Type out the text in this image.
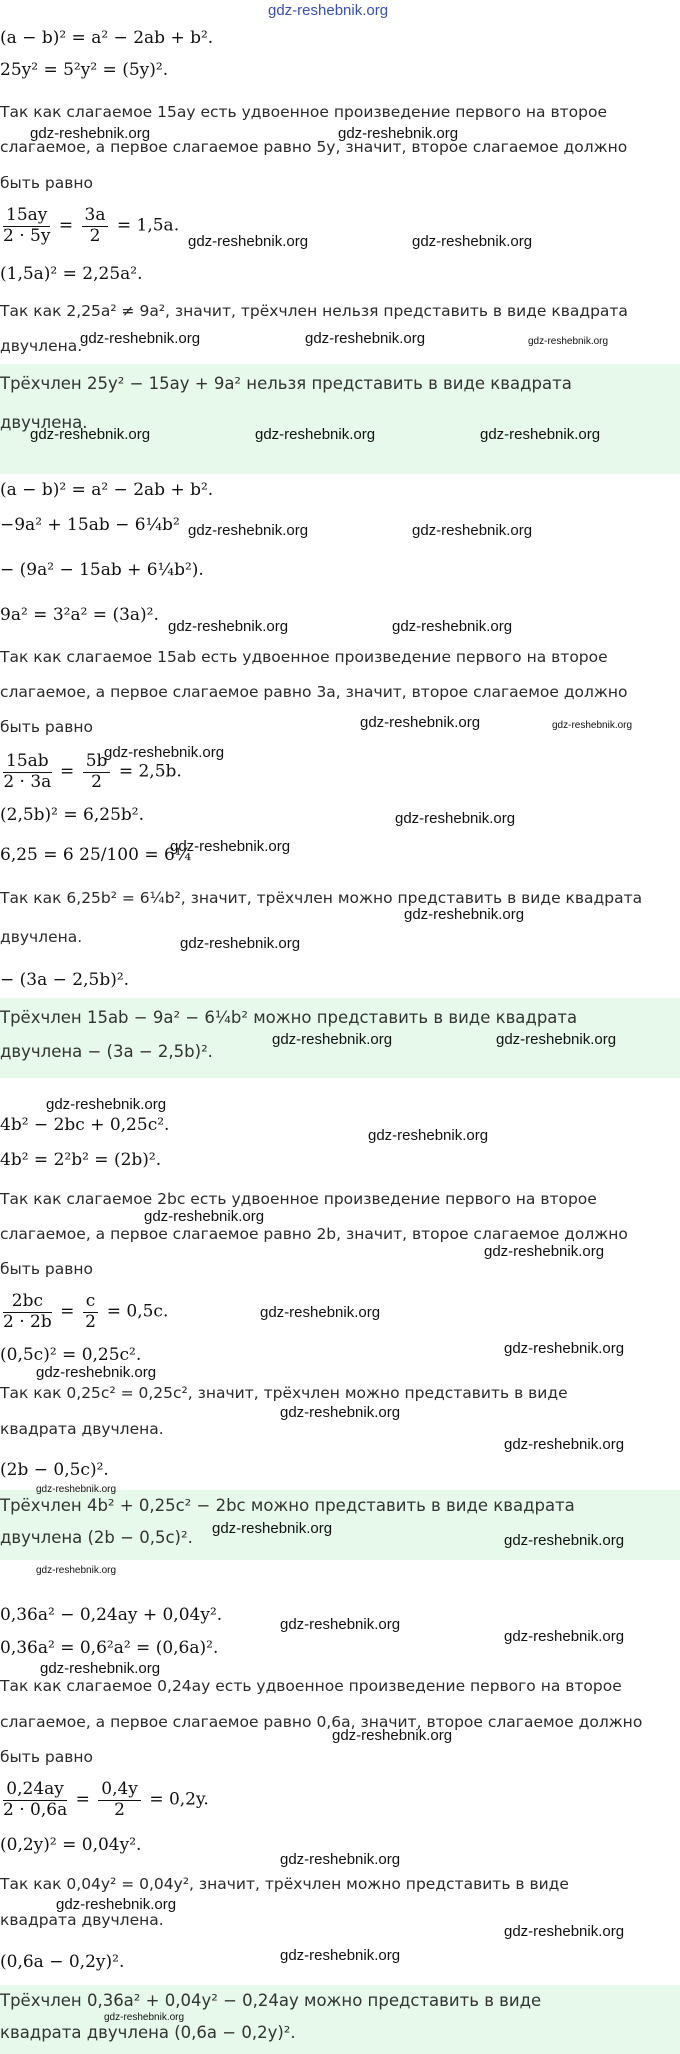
(a − b)² = a² − 2ab + b².
25y² = 5²y² = (5y)².
Так как слагаемое 15ay есть удвоенное произведение первого на второе
слагаемое, а первое слагаемое равно 5y, значит, второе слагаемое должно
быть равно
$\frac{15ay}{2 \cdot 5y} = \frac{3a}{2} = 1,5a$.
(1,5a)² = 2,25a².
Так как 2,25a² ≠ 9a², значит, трёхчлен нельзя представить в виде квадрата
двучлена.
Трёхчлен 25y² − 15ay + 9a² нельзя представить в виде квадрата
двучлена.
(a − b)² = a² − 2ab + b².
−9a² + 15ab − 6¼b²
− (9a² − 15ab + 6¼b²).
9a² = 3²a² = (3a)².
Так как слагаемое 15ab есть удвоенное произведение первого на второе
слагаемое, а первое слагаемое равно 3a, значит, второе слагаемое должно
быть равно
$\frac{15ab}{2 \cdot 3a} = \frac{5b}{2} = 2,5b$.
(2,5b)² = 6,25b².
6,25 = 6 25/100 = 6¼
Так как 6,25b² = 6¼b², значит, трёхчлен можно представить в виде квадрата
двучлена.
− (3a − 2,5b)².
Трёхчлен 15ab − 9a² − 6¼b² можно представить в виде квадрата
двучлена − (3a − 2,5b)².
4b² − 2bc + 0,25c².
4b² = 2²b² = (2b)².
Так как слагаемое 2bc есть удвоенное произведение первого на второе
слагаемое, а первое слагаемое равно 2b, значит, второе слагаемое должно
быть равно
$\frac{2bc}{2 \cdot 2b} = \frac{c}{2} = 0,5c$.
(0,5c)² = 0,25c².
Так как 0,25c² = 0,25c², значит, трёхчлен можно представить в виде
квадрата двучлена.
(2b − 0,5c)².
Трёхчлен 4b² + 0,25c² − 2bc можно представить в виде квадрата
двучлена (2b − 0,5c)².
0,36a² − 0,24ay + 0,04y².
0,36a² = 0,6²a² = (0,6a)².
Так как слагаемое 0,24ay есть удвоенное произведение первого на второе
слагаемое, а первое слагаемое равно 0,6a, значит, второе слагаемое должно
быть равно
$\frac{0,24ay}{2 \cdot 0,6a} = \frac{0,4y}{2} = 0,2y$.
(0,2y)² = 0,04y².
Так как 0,04y² = 0,04y², значит, трёхчлен можно представить в виде
квадрата двучлена.
(0,6a − 0,2y)².
Трёхчлен 0,36a² + 0,04y² − 0,24ay можно представить в виде
квадрата двучлена (0,6a − 0,2y)².
gdz-reshebnik.org
gdz-reshebnik.org	gdz-reshebnik.org
gdz-reshebnik.org	gdz-reshebnik.org
gdz-reshebnik.org	gdz-reshebnik.org	gdz-reshebnik.org
gdz-reshebnik.org	gdz-reshebnik.org	gdz-reshebnik.org
gdz-reshebnik.org	gdz-reshebnik.org
gdz-reshebnik.org	gdz-reshebnik.org
gdz-reshebnik.org	gdz-reshebnik.org
gdz-reshebnik.org
gdz-reshebnik.org
gdz-reshebnik.org
gdz-reshebnik.org
gdz-reshebnik.org
gdz-reshebnik.org	gdz-reshebnik.org
gdz-reshebnik.org
gdz-reshebnik.org
gdz-reshebnik.org
gdz-reshebnik.org
gdz-reshebnik.org
gdz-reshebnik.org
gdz-reshebnik.org
gdz-reshebnik.org
gdz-reshebnik.org
gdz-reshebnik.org
gdz-reshebnik.org
gdz-reshebnik.org
gdz-reshebnik.org
gdz-reshebnik.org
gdz-reshebnik.org
gdz-reshebnik.org
gdz-reshebnik.org
gdz-reshebnik.org
gdz-reshebnik.org
gdz-reshebnik.org
gdz-reshebnik.org
gdz-reshebnik.org
